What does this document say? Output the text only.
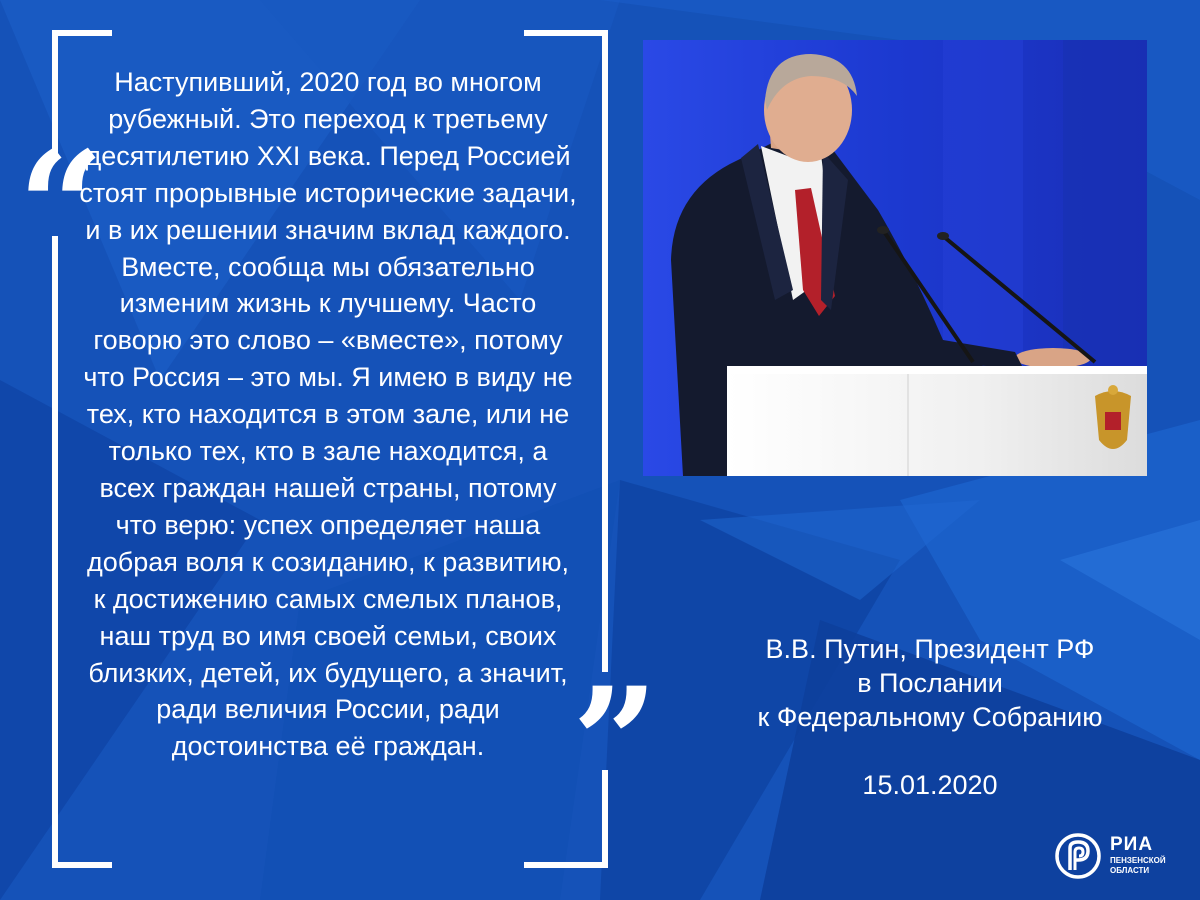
“
”

Наступивший, 2020 год во многом рубежный. Это переход к третьему десятилетию XXI века. Перед Россией стоят прорывные исторические задачи, и в их решении значим вклад каждого. Вместе, сообща мы обязательно изменим жизнь к лучшему. Часто говорю это слово – «вместе», потому что Россия – это мы. Я имею в виду не тех, кто находится в этом зале, или не только тех, кто в зале находится, а всех граждан нашей страны, потому что верю: успех определяет наша добрая воля к созиданию, к развитию, к достижению самых смелых планов, наш труд во имя своей семьи, своих близких, детей, их будущего, а значит, ради величия России, ради достоинства её граждан.

В.В. Путин, Президент РФ
в Послании
к Федеральному Собранию
15.01.2020
РИА
ПЕНЗЕНСКОЙ
ОБЛАСТИ
